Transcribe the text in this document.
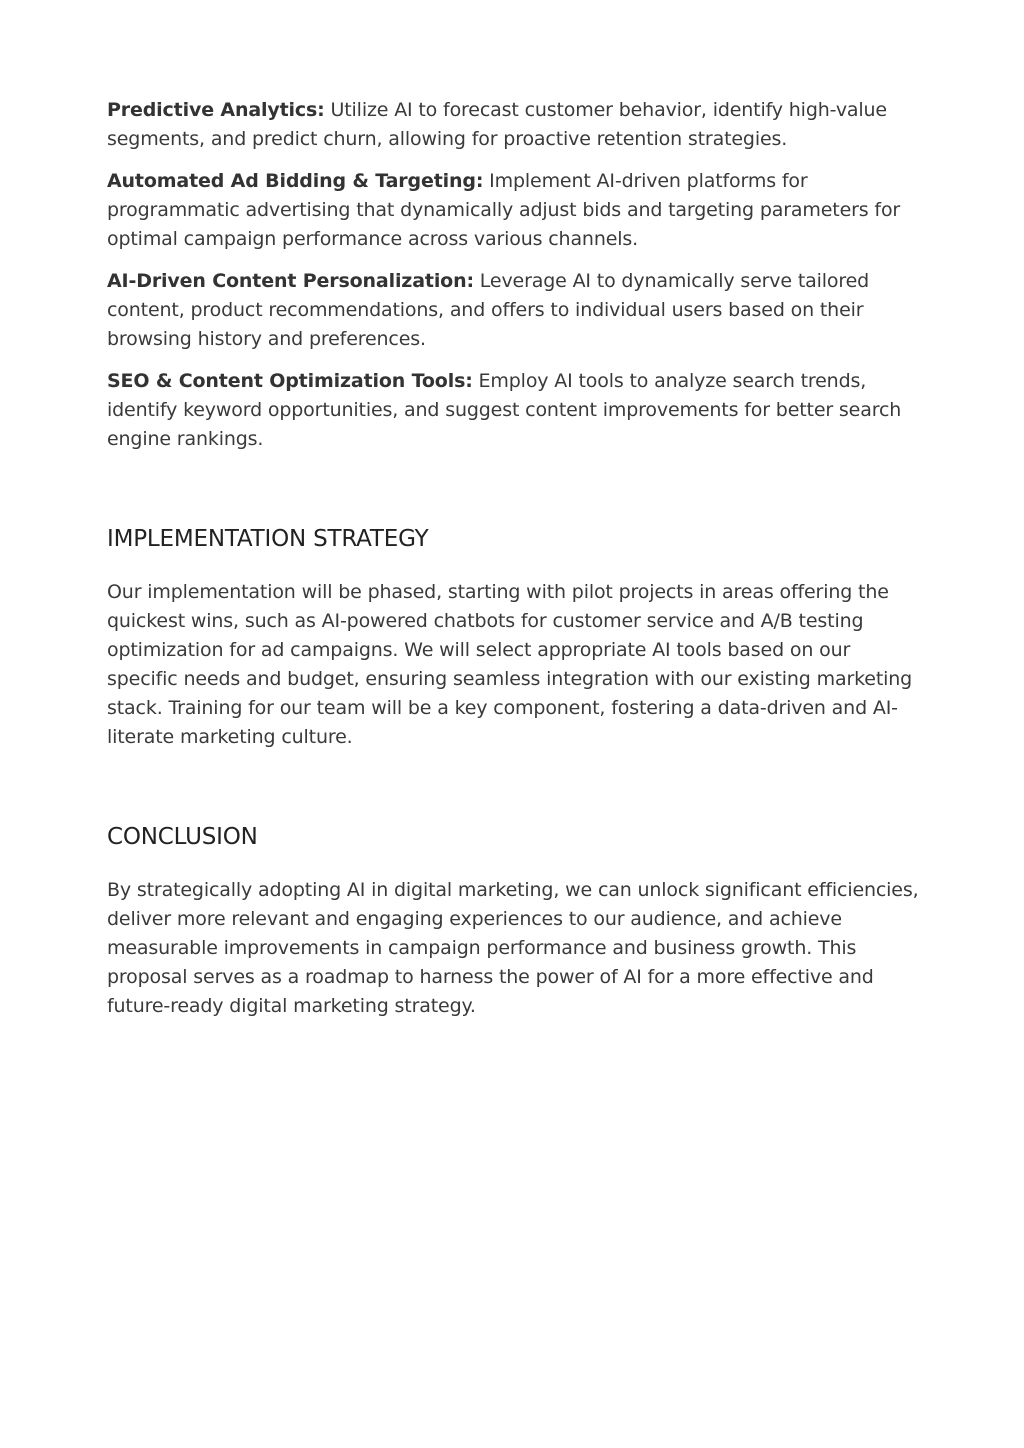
Predictive Analytics: Utilize AI to forecast customer behavior, identify high-value segments, and predict churn, allowing for proactive retention strategies.

Automated Ad Bidding & Targeting: Implement AI-driven platforms for programmatic advertising that dynamically adjust bids and targeting parameters for optimal campaign performance across various channels.

AI-Driven Content Personalization: Leverage AI to dynamically serve tailored content, product recommendations, and offers to individual users based on their browsing history and preferences.

SEO & Content Optimization Tools: Employ AI tools to analyze search trends, identify keyword opportunities, and suggest content improvements for better search engine rankings.

IMPLEMENTATION STRATEGY

Our implementation will be phased, starting with pilot projects in areas offering the quickest wins, such as AI-powered chatbots for customer service and A/B testing optimization for ad campaigns. We will select appropriate AI tools based on our specific needs and budget, ensuring seamless integration with our existing marketing stack. Training for our team will be a key component, fostering a data-driven and AI-literate marketing culture.

CONCLUSION

By strategically adopting AI in digital marketing, we can unlock significant efficiencies, deliver more relevant and engaging experiences to our audience, and achieve measurable improvements in campaign performance and business growth. This proposal serves as a roadmap to harness the power of AI for a more effective and future-ready digital marketing strategy.
